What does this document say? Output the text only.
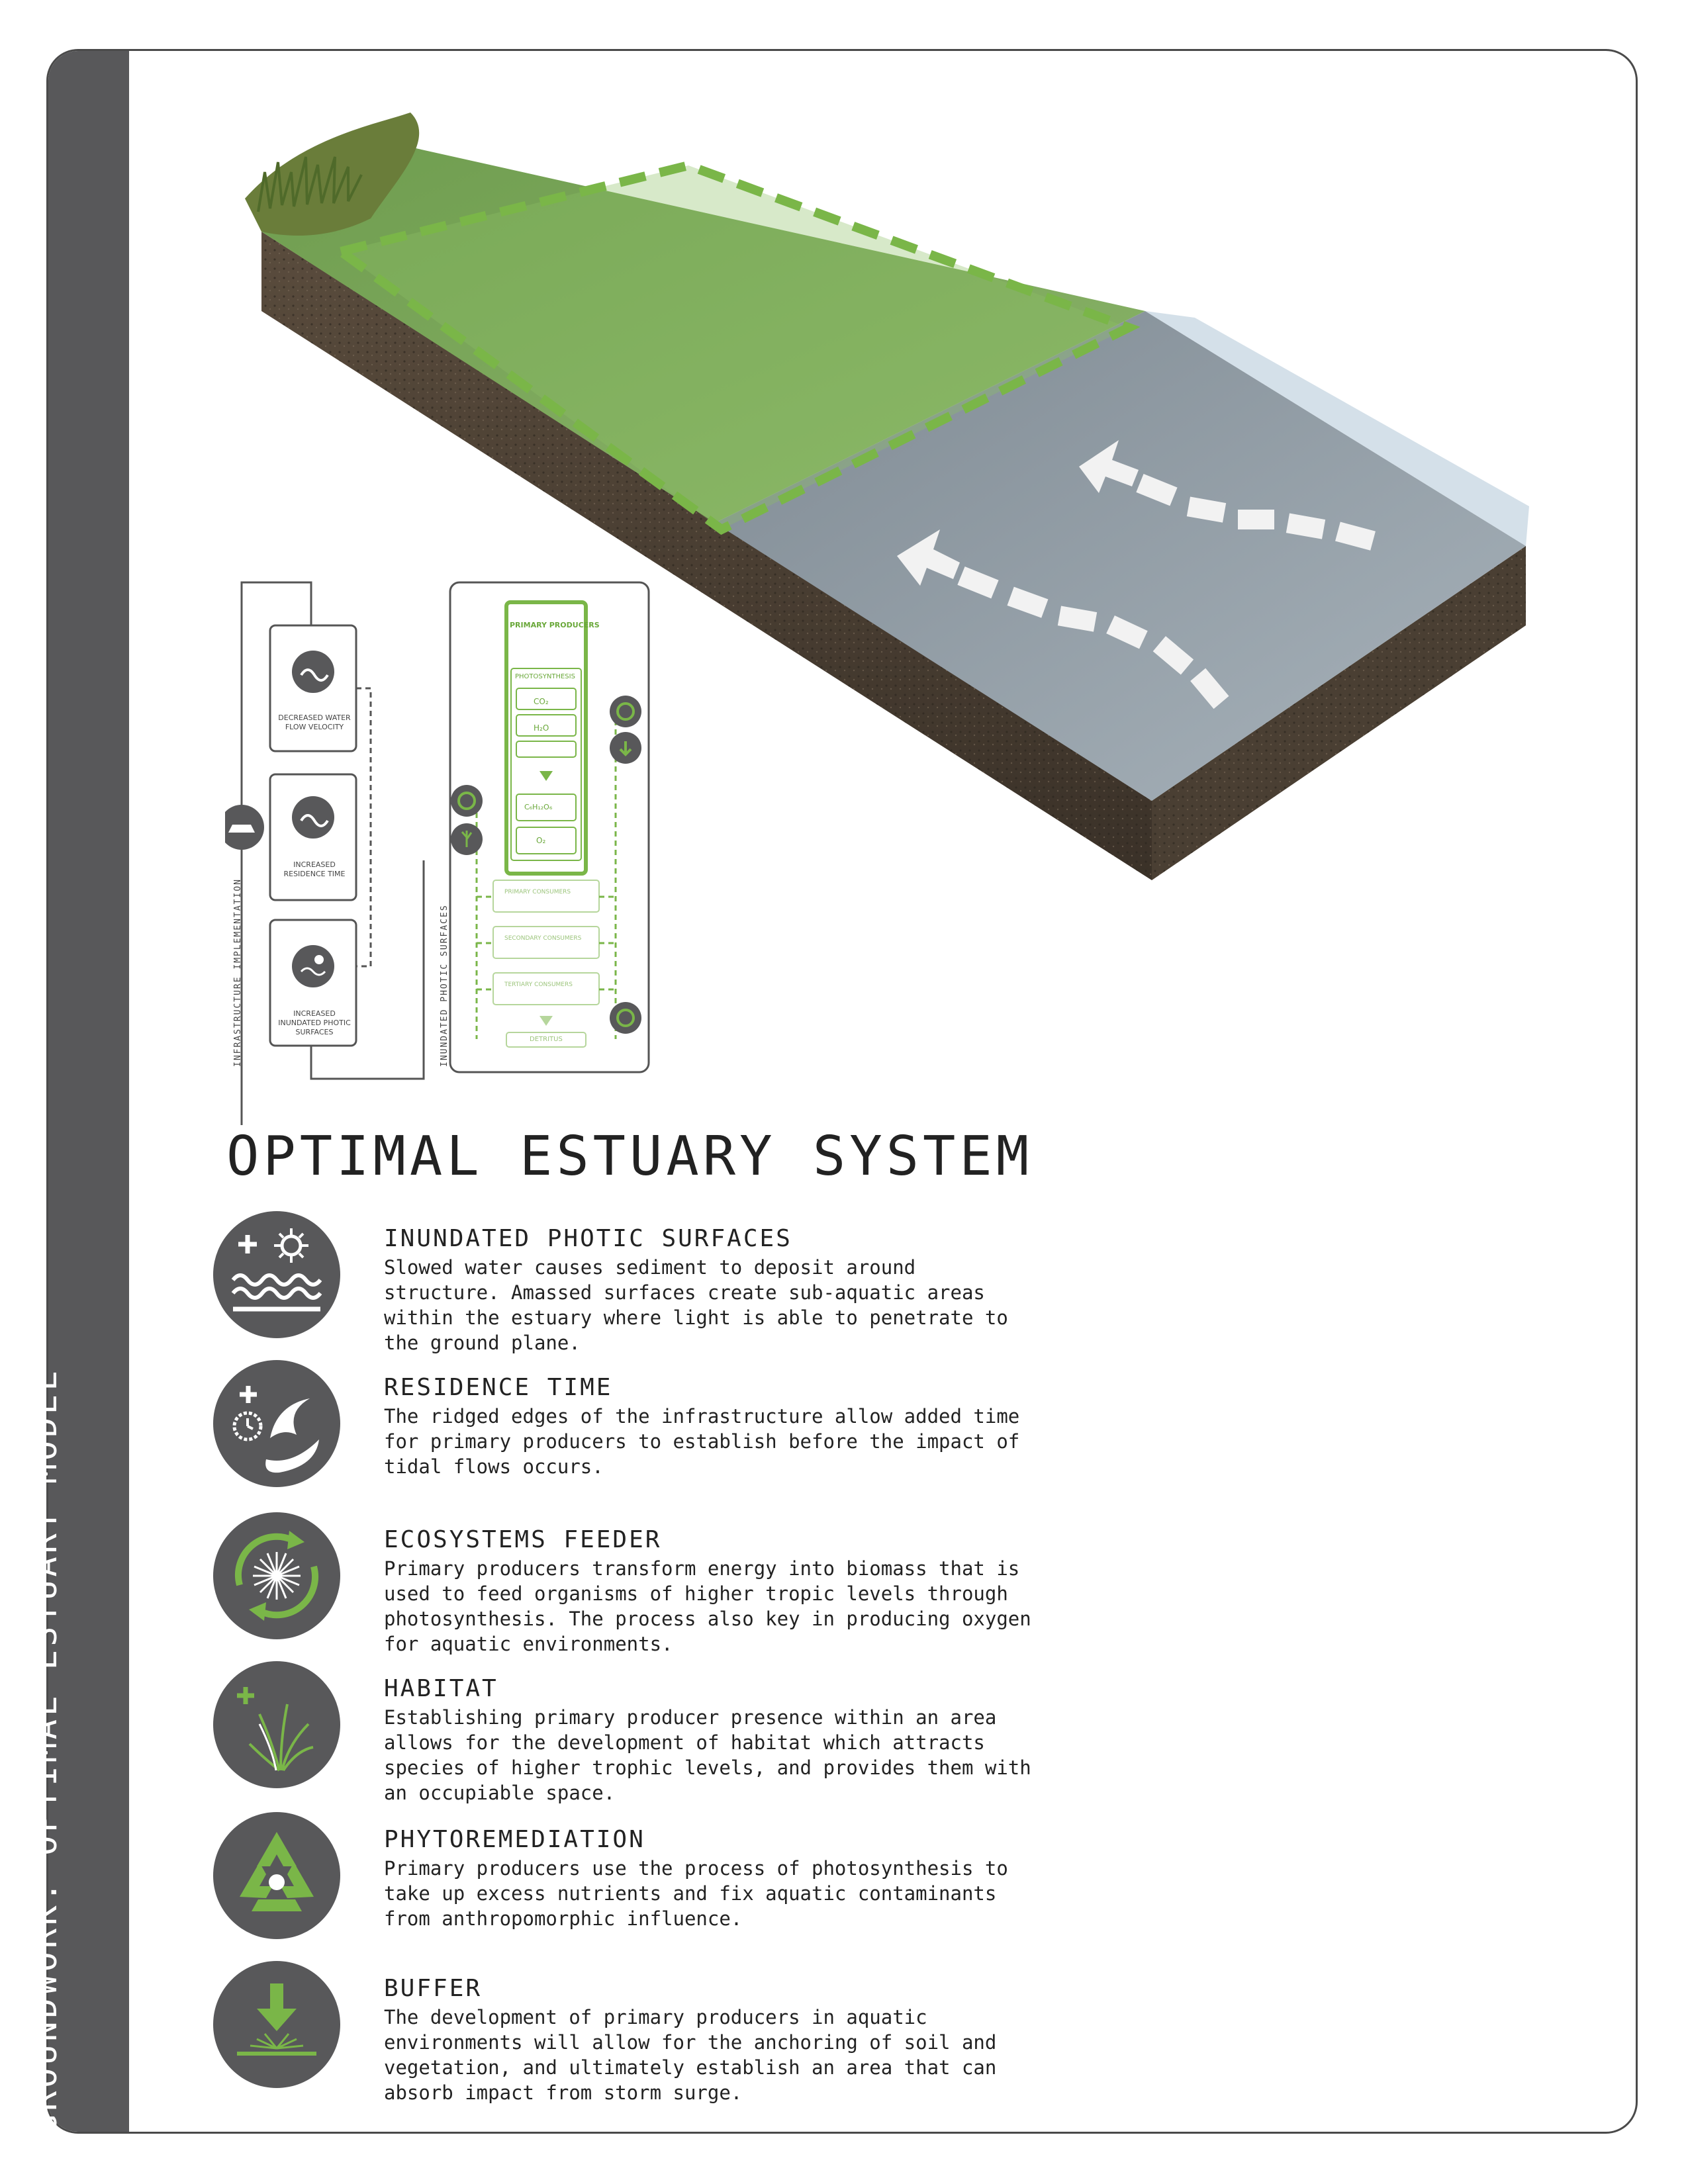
GROUNDWORK: OPTIMAL ESTUARY MODEL
INFRASTRUCTURE IMPLEMENTATION	INUNDATED PHOTIC SURFACES
DECREASED WATER FLOW VELOCITY
INCREASED RESIDENCE TIME
INCREASED INUNDATED PHOTIC SURFACES
PRIMARY PRODUCERS
PHOTOSYNTHESIS
CO₂
H₂O
C₆H₁₂O₆
O₂
PRIMARY CONSUMERS
SECONDARY CONSUMERS
TERTIARY CONSUMERS
DETRITUS
OPTIMAL ESTUARY SYSTEM
INUNDATED PHOTIC SURFACES

Slowed water causes sediment to deposit around
structure. Amassed surfaces create sub-aquatic areas
within the estuary where light is able to penetrate to
the ground plane.

RESIDENCE TIME

The ridged edges of the infrastructure allow added time
for primary producers to establish before the impact of
tidal flows occurs.

ECOSYSTEMS FEEDER

Primary producers transform energy into biomass that is
used to feed organisms of higher tropic levels through
photosynthesis. The process also key in producing oxygen
for aquatic environments.

HABITAT

Establishing primary producer presence within an area
allows for the development of habitat which attracts
species of higher trophic levels, and provides them with
an occupiable space.

PHYTOREMEDIATION

Primary producers use the process of photosynthesis to
take up excess nutrients and fix aquatic contaminants
from anthropomorphic influence.

BUFFER

The development of primary producers in aquatic
environments will allow for the anchoring of soil and
vegetation, and ultimately establish an area that can
absorb impact from storm surge.
